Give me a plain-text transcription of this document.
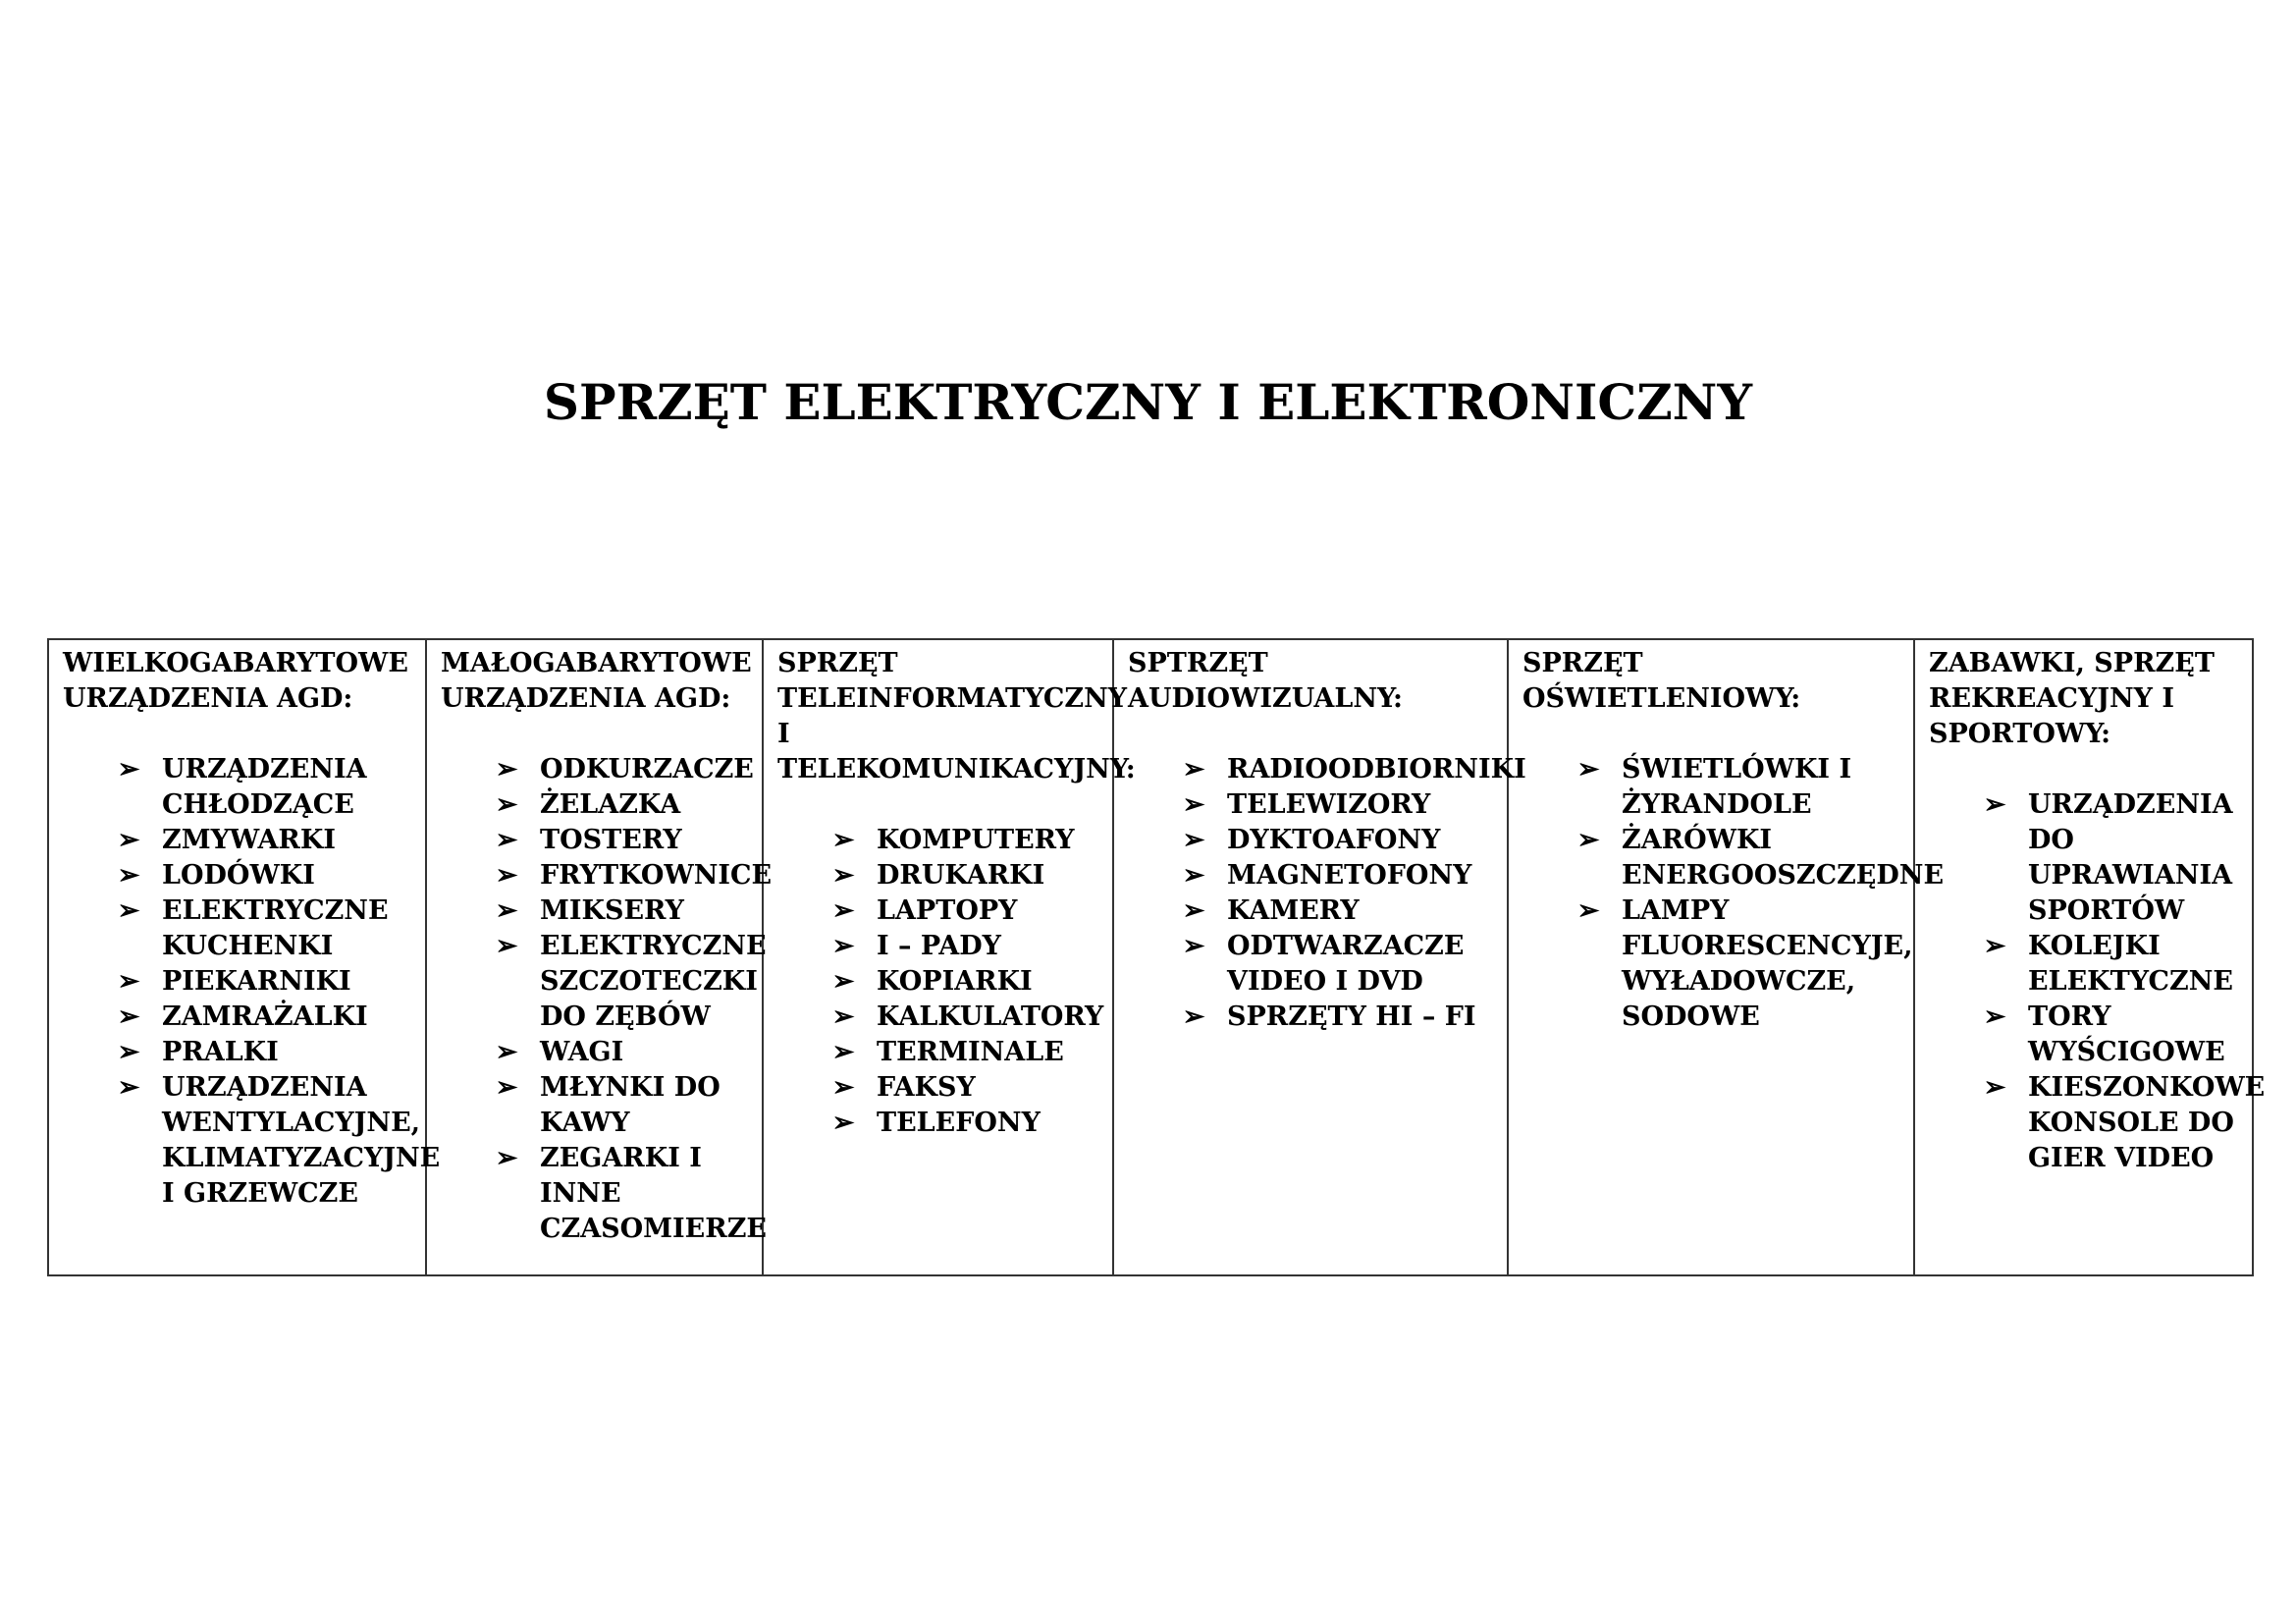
SPRZĘT ELEKTRYCZNY I ELEKTRONICZNY
WIELKOGABARYTOWE URZĄDZENIA AGD:
➢ URZĄDZENIA CHŁODZĄCE
➢ ZMYWARKI
➢ LODÓWKI
➢ ELEKTRYCZNE KUCHENKI
➢ PIEKARNIKI
➢ ZAMRAŻALKI
➢ PRALKI
➢ URZĄDZENIA WENTYLACYJNE, KLIMATYZACYJNE I GRZEWCZE

MAŁOGABARYTOWE URZĄDZENIA AGD:
➢ ODKURZACZE
➢ ŻELAZKA
➢ TOSTERY
➢ FRYTKOWNICE
➢ MIKSERY
➢ ELEKTRYCZNE SZCZOTECZKI DO ZĘBÓW
➢ WAGI
➢ MŁYNKI DO KAWY
➢ ZEGARKI I INNE CZASOMIERZE

SPRZĘT TELEINFORMATYCZNY I TELEKOMUNIKACYJNY:
➢ KOMPUTERY
➢ DRUKARKI
➢ LAPTOPY
➢ I – PADY
➢ KOPIARKI
➢ KALKULATORY
➢ TERMINALE
➢ FAKSY
➢ TELEFONY

SPTRZĘT AUDIOWIZUALNY:
➢ RADIOODBIORNIKI
➢ TELEWIZORY
➢ DYKTOAFONY
➢ MAGNETOFONY
➢ KAMERY
➢ ODTWARZACZE VIDEO I DVD
➢ SPRZĘTY HI – FI

SPRZĘT OŚWIETLENIOWY:
➢ ŚWIETLÓWKI I ŻYRANDOLE
➢ ŻARÓWKI ENERGOOSZCZĘDNE
➢ LAMPY FLUORESCENCYJE, WYŁADOWCZE, SODOWE

ZABAWKI, SPRZĘT REKREACYJNY I SPORTOWY:
➢ URZĄDZENIA DO UPRAWIANIA SPORTÓW
➢ KOLEJKI ELEKTYCZNE
➢ TORY WYŚCIGOWE
➢ KIESZONKOWE KONSOLE DO GIER VIDEO
